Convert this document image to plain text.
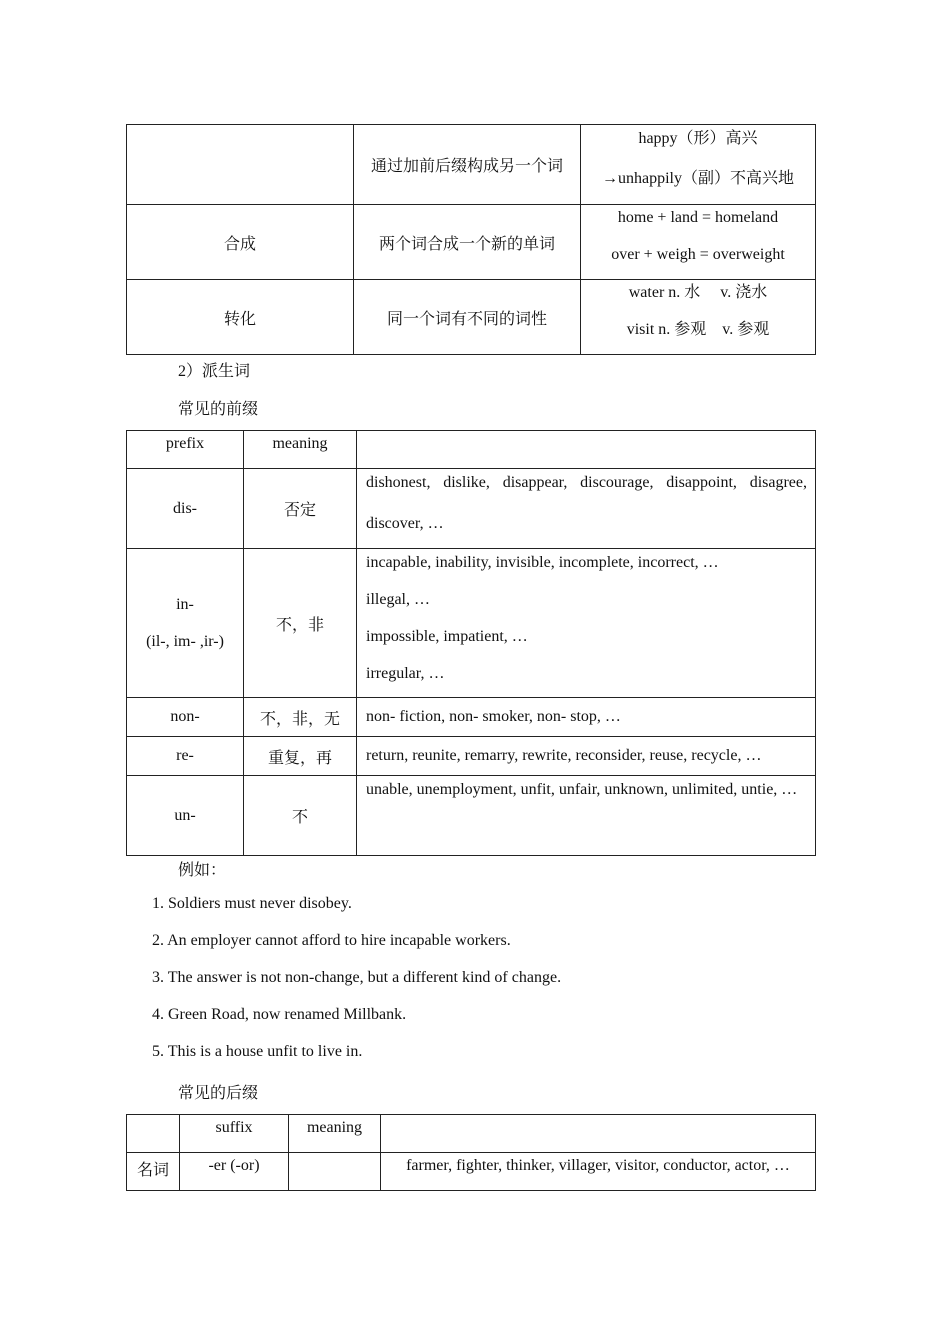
	通过加前后缀构成另一个词	happy（形）高兴
→unhappily（副）不高兴地

合成	两个词合成一个新的单词	home + land = homeland
over + weigh = overweight

转化	同一个词有不同的词性	water n. 水　 v. 浇水
visit n. 参观　v. 参观
2）派生词
常见的前缀
prefix	meaning	
dis-	否定	dishonest, dislike, disappear, discourage, disappoint, disagree, discover, …

in-
(il-, im- ,ir-)	不，非	incapable, inability, invisible, incomplete, incorrect, …
illegal, …
impossible, impatient, …
irregular, …

non-	不，非，无	non- fiction, non- smoker, non- stop, …
re-	重复，再	return, reunite, remarry, rewrite, reconsider, reuse, recycle, …
un-	不	unable, unemployment, unfit, unfair, unknown, unlimited, untie, …
例如：
1. Soldiers must never disobey.
2. An employer cannot afford to hire incapable workers.
3. The answer is not non-change, but a different kind of change.
4. Green Road, now renamed Millbank.
5. This is a house unfit to live in.
常见的后缀
	suffix	meaning	
名词	-er (-or)		farmer, fighter, thinker, villager, visitor, conductor, actor, …
